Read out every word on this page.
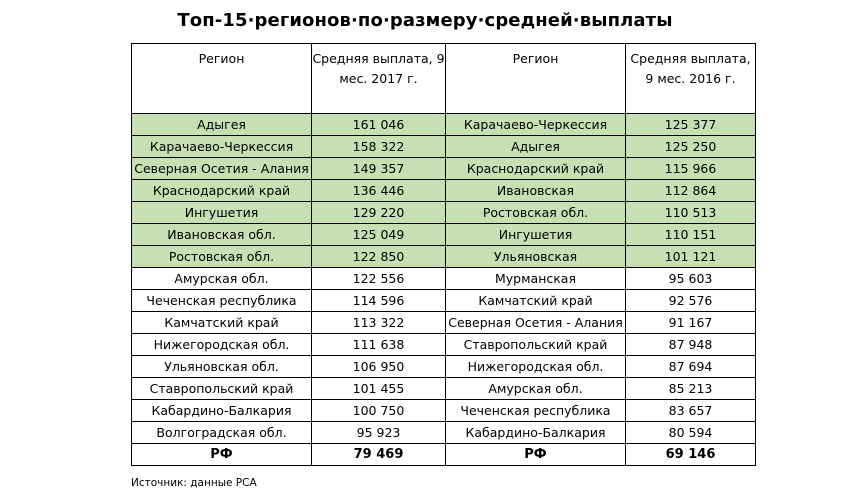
Топ-15·регионов·по·размеру·средней·выплаты
Регион	Средняя выплата, 9 мес. 2017 г.	Регион	Средняя выплата, 9 мес. 2016 г.
Адыгея	161 046	Карачаево-Черкессия	125 377
Карачаево-Черкессия	158 322	Адыгея	125 250
Северная Осетия - Алания	149 357	Краснодарский край	115 966
Краснодарский край	136 446	Ивановская	112 864
Ингушетия	129 220	Ростовская обл.	110 513
Ивановская обл.	125 049	Ингушетия	110 151
Ростовская обл.	122 850	Ульяновская	101 121
Амурская обл.	122 556	Мурманская	95 603
Чеченская республика	114 596	Камчатский край	92 576
Камчатский край	113 322	Северная Осетия - Алания	91 167
Нижегородская обл.	111 638	Ставропольский край	87 948
Ульяновская обл.	106 950	Нижегородская обл.	87 694
Ставропольский край	101 455	Амурская обл.	85 213
Кабардино-Балкария	100 750	Чеченская республика	83 657
Волгоградская обл.	95 923	Кабардино-Балкария	80 594
РФ	79 469	РФ	69 146
Источник: данные РСА
